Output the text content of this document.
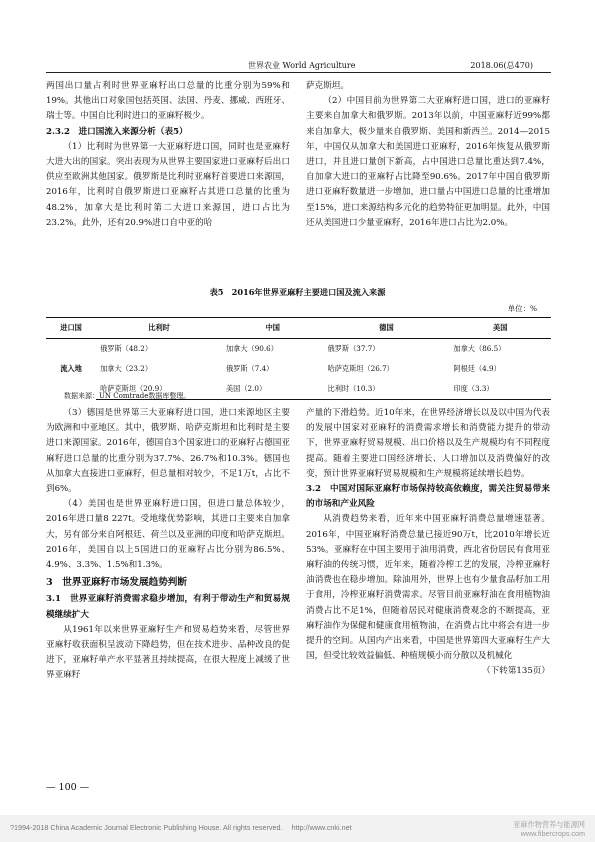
世界农业 World Agriculture	2018.06(总470)

两国出口量占利时世界亚麻籽出口总量的比重分别为59%和19%。其他出口对象国包括英国、法国、丹麦、挪威、西班牙、瑞士等。中国自比利时进口的亚麻籽极少。

2.3.2　进口国流入来源分析（表5）

（1）比利时为世界第一大亚麻籽进口国，同时也是亚麻籽大进大出的国家。突出表现为从世界主要国家进口亚麻籽后出口供应至欧洲其他国家。俄罗斯是比利时亚麻籽首要进口来源国，2016年，比利时自俄罗斯进口亚麻籽占其进口总量的比重为48.2%，加拿大是比利时第二大进口来源国，进口占比为23.2%。此外，还有20.9%进口自中亚的哈

萨克斯坦。

（2）中国目前为世界第二大亚麻籽进口国，进口的亚麻籽主要来自加拿大和俄罗斯。2013年以前，中国亚麻籽近99%都来自加拿大，极少量来自俄罗斯、美国和新西兰。2014—2015年，中国仅从加拿大和美国进口亚麻籽，2016年恢复从俄罗斯进口，并且进口量创下新高，占中国进口总量比重达到7.4%，自加拿大进口的亚麻籽占比降至90.6%。2017年中国自俄罗斯进口亚麻籽数量进一步增加，进口量占中国进口总量的比重增加至15%，进口来源结构多元化的趋势特征更加明显。此外，中国还从美国进口少量亚麻籽，2016年进口占比为2.0%。

表5　2016年世界亚麻籽主要进口国及流入来源
单位：%
进口国	比利时	中国	德国	美国
流入地	俄罗斯（48.2）	加拿大（90.6）	俄罗斯（37.7）	加拿大（86.5）
	加拿大（23.2）	俄罗斯（7.4）	哈萨克斯坦（26.7）	阿根廷（4.9）
	哈萨克斯坦（20.9）	美国（2.0）	比利时（10.3）	印度（3.3）
数据来源：UN Comtrade数据库整理。

（3）德国是世界第三大亚麻籽进口国，进口来源地区主要为欧洲和中亚地区。其中，俄罗斯、哈萨克斯坦和比利时是主要进口来源国家。2016年，德国自3个国家进口的亚麻籽占德国亚麻籽进口总量的比重分别为37.7%、26.7%和10.3%。德国也从加拿大直接进口亚麻籽，但总量相对较少，不足1万t，占比不到6%。

（4）美国也是世界亚麻籽进口国，但进口量总体较少，2016年进口量8 227t。受地缘优势影响，其进口主要来自加拿大，另有部分来自阿根廷、荷兰以及亚洲的印度和哈萨克斯坦。2016年，美国自以上5国进口的亚麻籽占比分别为86.5%、4.9%、3.3%、1.5%和1.3%。

3　世界亚麻籽市场发展趋势判断

3.1　世界亚麻籽消费需求稳步增加，有利于带动生产和贸易规模继续扩大

从1961年以来世界亚麻籽生产和贸易趋势来看，尽管世界亚麻籽收获面积呈波动下降趋势，但在技术进步、品种改良的促进下，亚麻籽单产水平显著且持续提高，在很大程度上减缓了世界亚麻籽

产量的下滑趋势。近10年来，在世界经济增长以及以中国为代表的发展中国家对亚麻籽的消费需求增长和消费能力提升的带动下，世界亚麻籽贸易规模、出口价格以及生产规模均有不同程度提高。随着主要进口国经济增长、人口增加以及消费偏好的改变，预计世界亚麻籽贸易规模和生产规模将延续增长趋势。

3.2　中国对国际亚麻籽市场保持较高依赖度，需关注贸易带来的市场和产业风险

从消费趋势来看，近年来中国亚麻籽消费总量增速显著。2016年，中国亚麻籽消费总量已接近90万t，比2010年增长近53%。亚麻籽在中国主要用于油用消费，西北省份居民有食用亚麻籽油的传统习惯，近年来，随着冷榨工艺的发展，冷榨亚麻籽油消费也在稳步增加。除油用外，世界上也有少量食品籽加工用于食用，冷榨亚麻籽消费需求。尽管目前亚麻籽油在食用植物油消费占比不足1%，但随着居民对健康消费观念的不断提高，亚麻籽油作为保健和健康食用植物油，在消费占比中将会有进一步提升的空间。从国内产出来看，中国是世界第四大亚麻籽生产大国，但受比较效益偏低、种植规模小而分散以及机械化

（下转第135页）

— 100 —
?1994-2018 China Academic Journal Electronic Publishing House. All rights reserved.　 http://www.cnki.net	亚麻作物营养与能源网
www.fibercrops.com
